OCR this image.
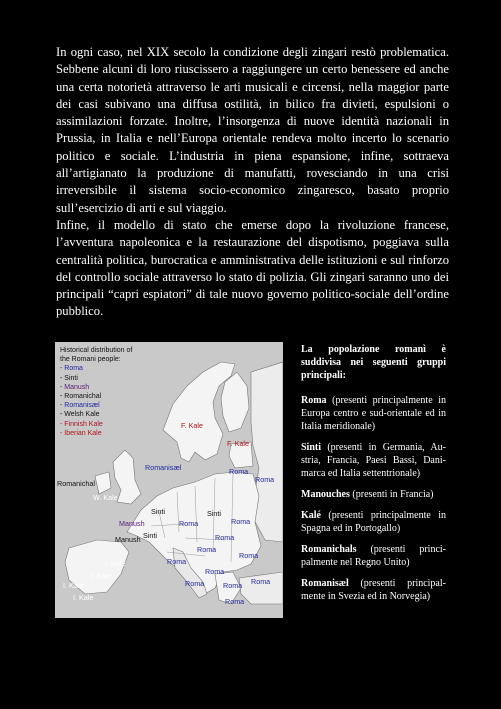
In ogni caso, nel XIX secolo la condizione degli zingari restò problematica. Sebbene alcuni di loro riuscissero a raggiungere un certo benessere ed anche una certa notorietà attraverso le arti musicali e circensi, nella maggior parte dei casi subivano una diffusa ostilità, in bilico fra divieti, espulsioni o assimilazioni forzate. Inoltre, l’insorgenza di nuove identità nazionali in Prussia, in Italia e nell’Europa orientale rendeva molto incerto lo scenario politico e sociale. L’industria in piena espansione, infine, sottraeva all’artigianato la produzione di manufatti, rovesciando in una crisi irreversibile il sistema socio-economico zingaresco, basato proprio sull’esercizio di arti e sul viaggio.

Infine, il modello di stato che emerse dopo la rivoluzione francese, l’avventura napoleonica e la restaurazione del dispotismo, poggiava sulla centralità politica, burocratica e amministrativa delle istituzioni e sul rinforzo del controllo sociale attraverso lo stato di polizia. Gli zingari saranno uno dei principali “capri espiatori” di tale nuovo governo politico-sociale dell’ordine pubblico.

Historical distribution of
the Romani people:
- Roma
- Sinti
- Manush
- Romanichal
- Romanisæl
- Welsh Kale
- Finnish Kale
- Iberian Kale
F. Kale
F. Kale
Romanisæl
Romanichal
W. Kale
Sinti	Sinti
Manush
Manush Sinti
I. Kale
I. Kale
I. Kale
I. Kale
Roma
Roma
Roma	Roma
Roma
Roma
Roma
Roma
Roma
Roma Roma
Roma
Roma

La popolazione romanì è suddivisa nei seguenti gruppi principali:

Roma (presenti principalmente in Europa centro e sud-orientale ed in Italia meridionale)

Sinti (presenti in Germania, Austria, Francia, Paesi Bassi, Danimarca ed Italia settentrionale)

Manouches (presenti in Francia)

Kalé (presenti principalmente in Spagna ed in Portogallo)

Romanichals (presenti principalmente nel Regno Unito)

Romanisæl (presenti principalmente in Svezia ed in Norvegia)
